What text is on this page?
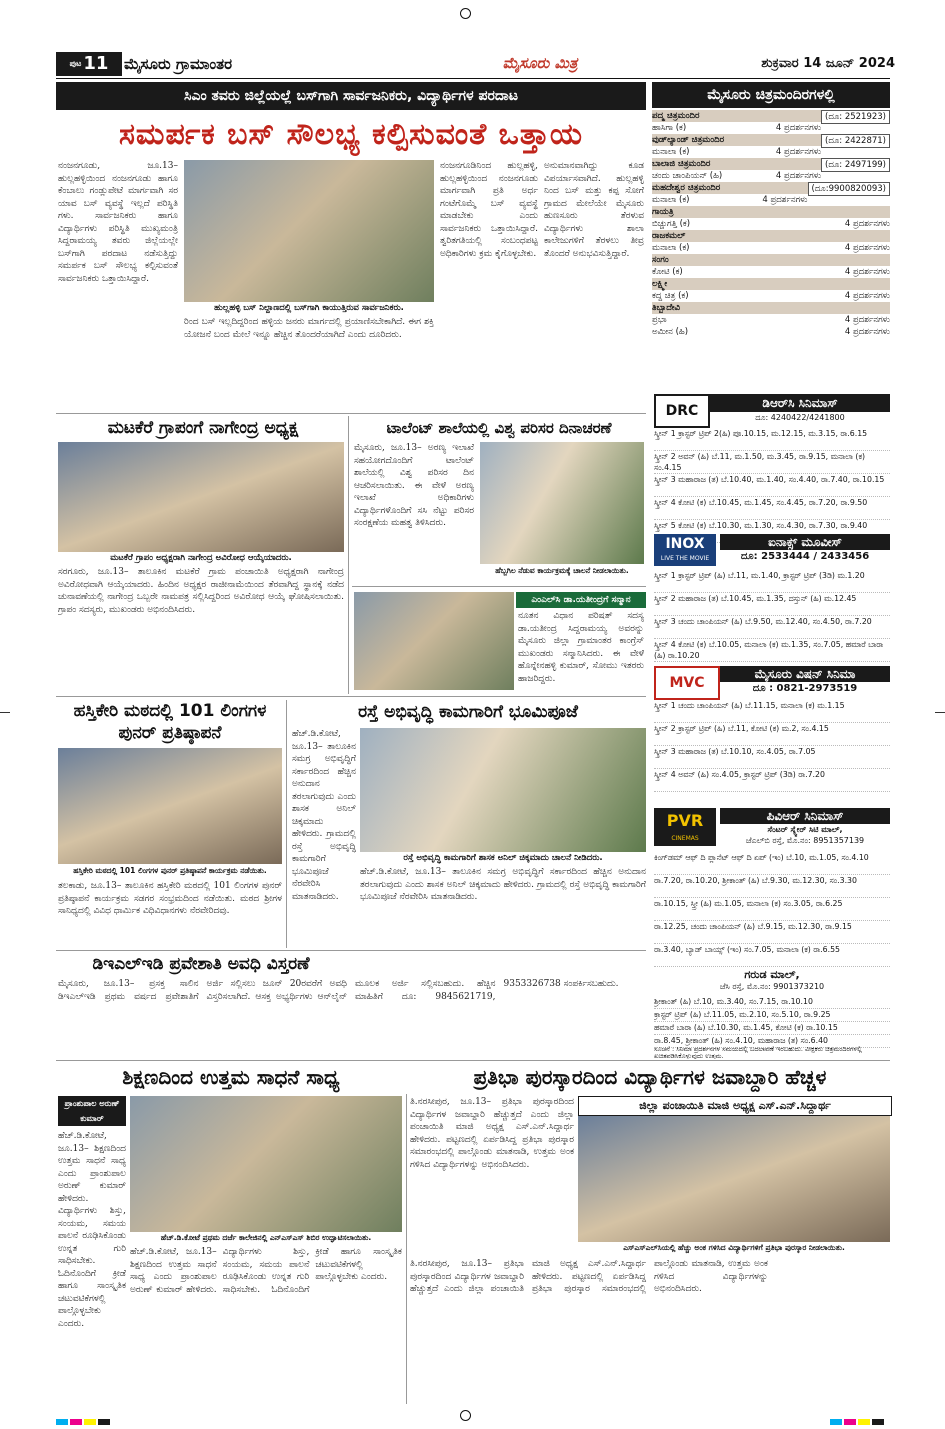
$^{ಪುಟ}$ 11	ಮೈಸೂರು ಗ್ರಾಮಾಂತರ	ಮೈಸೂರು ಮಿತ್ರ	ಶುಕ್ರವಾರ 14 ಜೂನ್ 2024
ಸಿಎಂ ತವರು ಜಿಲ್ಲೆಯಲ್ಲೆ ಬಸ್‌ಗಾಗಿ ಸಾರ್ವಜನಿಕರು, ವಿದ್ಯಾರ್ಥಿಗಳ ಪರದಾಟ
ಸಮರ್ಪಕ ಬಸ್ ಸೌಲಭ್ಯ ಕಲ್ಪಿಸುವಂತೆ ಒತ್ತಾಯ
ನಂಜನಗೂಡು, ಜೂ.13– ಹುಲ್ಲಹಳ್ಳಿಯಿಂದ ನಂಜನಗೂಡು ಹಾಗೂ ಕೆಂಬಾಲು ಗಂಡ್ಲುಪೇಟೆ ಮಾರ್ಗವಾಗಿ ಸರ ಯಾವ ಬಸ್ ವ್ಯವಸ್ಥೆ ಇಲ್ಲದೆ ಪರಿಸ್ಥಿತಿ ಗಳು. ಸಾರ್ವಜನಿಕರು ಹಾಗೂ ವಿದ್ಯಾರ್ಥಿಗಳು ಪರಿಸ್ಥಿತಿ ಮುಖ್ಯಮಂತ್ರಿ ಸಿದ್ದರಾಮಯ್ಯ ತವರು ಜಿಲ್ಲೆಯಲ್ಲೇ ಬಸ್‌ಗಾಗಿ ಪರದಾಟ ನಡೆಸುತ್ತಿದ್ದು ಸಮರ್ಪಕ ಬಸ್ ಸೌಲಭ್ಯ ಕಲ್ಪಿಸುವಂತೆ ಸಾರ್ವಜನಿಕರು ಒತ್ತಾಯಿಸಿದ್ದಾರೆ.
ಹುಲ್ಲಹಳ್ಳಿ ಬಸ್ ನಿಲ್ದಾಣದಲ್ಲಿ ಬಸ್‌ಗಾಗಿ ಕಾಯುತ್ತಿರುವ ಸಾರ್ವಜನಿಕರು.
ರಿಂದ ಬಸ್ ಇಲ್ಲದಿದ್ದರಿಂದ ಹಳ್ಳಿಯ ಜನರು ಮಾರ್ಗದಲ್ಲಿ ಪ್ರಯಾಣಿಸಬೇಕಾಗಿದೆ. ಈಗ ಶಕ್ತಿ ಯೋಜನೆ ಬಂದ ಮೇಲೆ ಇನ್ನೂ ಹೆಚ್ಚಿನ ತೊಂದರೆಯಾಗಿದೆ ಎಂದು ದೂರಿದರು.
ನಂಜನಗೂಡಿನಿಂದ ಹುಲ್ಲಹಳ್ಳಿ, ಹುಲ್ಲಹಳ್ಳಿಯಿಂದ ನಂಜನಗೂಡು ಮಾರ್ಗವಾಗಿ ಪ್ರತಿ ಅರ್ಧ ಗಂಟೆಗೊಮ್ಮೆ ಬಸ್ ವ್ಯವಸ್ಥೆ ಮಾಡಬೇಕು ಎಂದು ಸಾರ್ವಜನಿಕರು ಒತ್ತಾಯಿಸಿದ್ದಾರೆ. ತ್ವರಿತಗತಿಯಲ್ಲಿ ಸಂಬಂಧಪಟ್ಟ ಅಧಿಕಾರಿಗಳು ಕ್ರಮ ಕೈಗೊಳ್ಳಬೇಕು.
ಅನುಮಾನವಾಗಿದ್ದು ಕೂಡ ವಿಪರ್ಯಾಸವಾಗಿದೆ. ಹುಲ್ಲಹಳ್ಳಿ ನಿಂದ ಬಸ್ ಮತ್ತು ಕಪ್ಪ ಸೋಗೆ ಗ್ರಾಮದ ಮೇಲೆಯೇ ಮೈಸೂರು ಹುಣಸೂರು ತೆರಳುವ ವಿದ್ಯಾರ್ಥಿಗಳು ಶಾಲಾ ಕಾಲೇಜುಗಳಿಗೆ ತೆರಳಲು ತೀವ್ರ ತೊಂದರೆ ಅನುಭವಿಸುತ್ತಿದ್ದಾರೆ.
ಮಟಕೆರೆ ಗ್ರಾಪಂಗೆ ನಾಗೇಂದ್ರ ಅಧ್ಯಕ್ಷ
ಮಟಕೆರೆ ಗ್ರಾಪಂ ಅಧ್ಯಕ್ಷರಾಗಿ ನಾಗೇಂದ್ರ ಅವಿರೋಧ ಆಯ್ಕೆಯಾದರು.
ಸರಗೂರು, ಜೂ.13– ತಾಲೂಕಿನ ಮಟಕೆರೆ ಗ್ರಾಮ ಪಂಚಾಯಿತಿ ಅಧ್ಯಕ್ಷರಾಗಿ ನಾಗೇಂದ್ರ ಅವಿರೋಧವಾಗಿ ಆಯ್ಕೆಯಾದರು. ಹಿಂದಿನ ಅಧ್ಯಕ್ಷರ ರಾಜೀನಾಮೆಯಿಂದ ತೆರವಾಗಿದ್ದ ಸ್ಥಾನಕ್ಕೆ ನಡೆದ ಚುನಾವಣೆಯಲ್ಲಿ ನಾಗೇಂದ್ರ ಒಬ್ಬರೇ ನಾಮಪತ್ರ ಸಲ್ಲಿಸಿದ್ದರಿಂದ ಅವಿರೋಧ ಆಯ್ಕೆ ಘೋಷಿಸಲಾಯಿತು. ಗ್ರಾಪಂ ಸದಸ್ಯರು, ಮುಖಂಡರು ಅಭಿನಂದಿಸಿದರು.
ಟಾಲೆಂಟ್ ಶಾಲೆಯಲ್ಲಿ ವಿಶ್ವ ಪರಿಸರ ದಿನಾಚರಣೆ
ಮೈಸೂರು, ಜೂ.13– ಅರಣ್ಯ ಇಲಾಖೆ ಸಹಯೋಗದೊಂದಿಗೆ ಟಾಲೆಂಟ್ ಶಾಲೆಯಲ್ಲಿ ವಿಶ್ವ ಪರಿಸರ ದಿನ ಆಚರಿಸಲಾಯಿತು. ಈ ವೇಳೆ ಅರಣ್ಯ ಇಲಾಖೆ ಅಧಿಕಾರಿಗಳು ವಿದ್ಯಾರ್ಥಿಗಳೊಂದಿಗೆ ಸಸಿ ನೆಟ್ಟು ಪರಿಸರ ಸಂರಕ್ಷಣೆಯ ಮಹತ್ವ ತಿಳಿಸಿದರು.
ಹೆಬ್ಬಗಿಲ ನೆಡುವ ಕಾರ್ಯಕ್ರಮಕ್ಕೆ ಚಾಲನೆ ನೀಡಲಾಯಿತು.
ಎಂಎಲ್‌ಸಿ ಡಾ.ಯತೀಂದ್ರಗೆ ಸನ್ಮಾನ
ನೂತನ ವಿಧಾನ ಪರಿಷತ್ ಸದಸ್ಯ ಡಾ.ಯತೀಂದ್ರ ಸಿದ್ದರಾಮಯ್ಯ ಅವರನ್ನು ಮೈಸೂರು ಜಿಲ್ಲಾ ಗ್ರಾಮಾಂತರ ಕಾಂಗ್ರೆಸ್ ಮುಖಂಡರು ಸನ್ಮಾನಿಸಿದರು. ಈ ವೇಳೆ ಹೊನ್ನೇನಹಳ್ಳಿ ಕುಮಾರ್, ಸೋಮು ಇತರರು ಹಾಜರಿದ್ದರು.
ಹಸ್ತಿಕೇರಿ ಮಠದಲ್ಲಿ 101 ಲಿಂಗಗಳ ಪುನರ್ ಪ್ರತಿಷ್ಠಾಪನೆ
ಹಸ್ತಿಕೇರಿ ಮಠದಲ್ಲಿ 101 ಲಿಂಗಗಳ ಪುನರ್ ಪ್ರತಿಷ್ಠಾಪನೆ ಕಾರ್ಯಕ್ರಮ ನಡೆಯಿತು.
ತಲಕಾಡು, ಜೂ.13– ತಾಲೂಕಿನ ಹಸ್ತಿಕೇರಿ ಮಠದಲ್ಲಿ 101 ಲಿಂಗಗಳ ಪುನರ್ ಪ್ರತಿಷ್ಠಾಪನೆ ಕಾರ್ಯಕ್ರಮ ಸಡಗರ ಸಂಭ್ರಮದಿಂದ ನಡೆಯಿತು. ಮಠದ ಶ್ರೀಗಳ ಸಾನಿಧ್ಯದಲ್ಲಿ ವಿವಿಧ ಧಾರ್ಮಿಕ ವಿಧಿವಿಧಾನಗಳು ನೆರವೇರಿದವು.
ರಸ್ತೆ ಅಭಿವೃದ್ಧಿ ಕಾಮಗಾರಿಗೆ ಭೂಮಿಪೂಜೆ
ಹೆಚ್.ಡಿ.ಕೋಟೆ, ಜೂ.13– ತಾಲೂಕಿನ ಸಮಗ್ರ ಅಭಿವೃದ್ಧಿಗೆ ಸರ್ಕಾರದಿಂದ ಹೆಚ್ಚಿನ ಅನುದಾನ ತರಲಾಗುವುದು ಎಂದು ಶಾಸಕ ಅನಿಲ್ ಚಿಕ್ಕಮಾದು ಹೇಳಿದರು. ಗ್ರಾಮದಲ್ಲಿ ರಸ್ತೆ ಅಭಿವೃದ್ಧಿ ಕಾಮಗಾರಿಗೆ ಭೂಮಿಪೂಜೆ ನೆರವೇರಿಸಿ ಮಾತನಾಡಿದರು.
ರಸ್ತೆ ಅಭಿವೃದ್ಧಿ ಕಾಮಗಾರಿಗೆ ಶಾಸಕ ಅನಿಲ್ ಚಿಕ್ಕಮಾದು ಚಾಲನೆ ನೀಡಿದರು.
ಹೆಚ್.ಡಿ.ಕೋಟೆ, ಜೂ.13– ತಾಲೂಕಿನ ಸಮಗ್ರ ಅಭಿವೃದ್ಧಿಗೆ ಸರ್ಕಾರದಿಂದ ಹೆಚ್ಚಿನ ಅನುದಾನ ತರಲಾಗುವುದು ಎಂದು ಶಾಸಕ ಅನಿಲ್ ಚಿಕ್ಕಮಾದು ಹೇಳಿದರು. ಗ್ರಾಮದಲ್ಲಿ ರಸ್ತೆ ಅಭಿವೃದ್ಧಿ ಕಾಮಗಾರಿಗೆ ಭೂಮಿಪೂಜೆ ನೆರವೇರಿಸಿ ಮಾತನಾಡಿದರು.
ಡಿಇಎಲ್‌ಇಡಿ ಪ್ರವೇಶಾತಿ ಅವಧಿ ವಿಸ್ತರಣೆ
ಮೈಸೂರು, ಜೂ.13– ಪ್ರಸಕ್ತ ಸಾಲಿನ ಡಿಇಎಲ್‌ಇಡಿ ಪ್ರಥಮ ವರ್ಷದ ಪ್ರವೇಶಾತಿಗೆ ಅರ್ಜಿ ಸಲ್ಲಿಸಲು ಜೂನ್ 20ರವರೆಗೆ ಅವಧಿ ವಿಸ್ತರಿಸಲಾಗಿದೆ. ಆಸಕ್ತ ಅಭ್ಯರ್ಥಿಗಳು ಆನ್‌ಲೈನ್ ಮೂಲಕ ಅರ್ಜಿ ಸಲ್ಲಿಸಬಹುದು. ಹೆಚ್ಚಿನ ಮಾಹಿತಿಗೆ ದೂ: 9845621719, 9353326738 ಸಂಪರ್ಕಿಸಬಹುದು.
ಶಿಕ್ಷಣದಿಂದ ಉತ್ತಮ ಸಾಧನೆ ಸಾಧ್ಯ	ಪ್ರತಿಭಾ ಪುರಸ್ಕಾರದಿಂದ ವಿದ್ಯಾರ್ಥಿಗಳ ಜವಾಬ್ದಾರಿ ಹೆಚ್ಚಳ
ಪ್ರಾಂಶುಪಾಲ ಅರುಣ್ ಕುಮಾರ್
ಹೆಚ್.ಡಿ.ಕೋಟೆ, ಜೂ.13– ಶಿಕ್ಷಣದಿಂದ ಉತ್ತಮ ಸಾಧನೆ ಸಾಧ್ಯ ಎಂದು ಪ್ರಾಂಶುಪಾಲ ಅರುಣ್ ಕುಮಾರ್ ಹೇಳಿದರು. ವಿದ್ಯಾರ್ಥಿಗಳು ಶಿಸ್ತು, ಸಂಯಮ, ಸಮಯ ಪಾಲನೆ ರೂಢಿಸಿಕೊಂಡು ಉನ್ನತ ಗುರಿ ಸಾಧಿಸಬೇಕು. ಓದಿನೊಂದಿಗೆ ಕ್ರೀಡೆ ಹಾಗೂ ಸಾಂಸ್ಕೃತಿಕ ಚಟುವಟಿಕೆಗಳಲ್ಲಿ ಪಾಲ್ಗೊಳ್ಳಬೇಕು ಎಂದರು.
ಹೆಚ್.ಡಿ.ಕೋಟೆ ಪ್ರಥಮ ದರ್ಜೆ ಕಾಲೇಜಿನಲ್ಲಿ ಎನ್ಎಸ್ಎಸ್ ಶಿಬಿರ ಉದ್ಘಾಟಿಸಲಾಯಿತು.
ಹೆಚ್.ಡಿ.ಕೋಟೆ, ಜೂ.13– ಶಿಕ್ಷಣದಿಂದ ಉತ್ತಮ ಸಾಧನೆ ಸಾಧ್ಯ ಎಂದು ಪ್ರಾಂಶುಪಾಲ ಅರುಣ್ ಕುಮಾರ್ ಹೇಳಿದರು. ವಿದ್ಯಾರ್ಥಿಗಳು ಶಿಸ್ತು, ಸಂಯಮ, ಸಮಯ ಪಾಲನೆ ರೂಢಿಸಿಕೊಂಡು ಉನ್ನತ ಗುರಿ ಸಾಧಿಸಬೇಕು. ಓದಿನೊಂದಿಗೆ ಕ್ರೀಡೆ ಹಾಗೂ ಸಾಂಸ್ಕೃತಿಕ ಚಟುವಟಿಕೆಗಳಲ್ಲಿ ಪಾಲ್ಗೊಳ್ಳಬೇಕು ಎಂದರು.
ತಿ.ನರಸೀಪುರ, ಜೂ.13– ಪ್ರತಿಭಾ ಪುರಸ್ಕಾರದಿಂದ ವಿದ್ಯಾರ್ಥಿಗಳ ಜವಾಬ್ದಾರಿ ಹೆಚ್ಚುತ್ತದೆ ಎಂದು ಜಿಲ್ಲಾ ಪಂಚಾಯಿತಿ ಮಾಜಿ ಅಧ್ಯಕ್ಷ ಎಸ್.ಎನ್.ಸಿದ್ದಾರ್ಥ ಹೇಳಿದರು. ಪಟ್ಟಣದಲ್ಲಿ ಏರ್ಪಡಿಸಿದ್ದ ಪ್ರತಿಭಾ ಪುರಸ್ಕಾರ ಸಮಾರಂಭದಲ್ಲಿ ಪಾಲ್ಗೊಂಡು ಮಾತನಾಡಿ, ಉತ್ತಮ ಅಂಕ ಗಳಿಸಿದ ವಿದ್ಯಾರ್ಥಿಗಳನ್ನು ಅಭಿನಂದಿಸಿದರು.
ಜಿಲ್ಲಾ ಪಂಚಾಯಿತಿ ಮಾಜಿ ಅಧ್ಯಕ್ಷ ಎಸ್.ಎನ್.ಸಿದ್ದಾರ್ಥ
ಎಸ್ಎಸ್ಎಲ್‌ಸಿಯಲ್ಲಿ ಹೆಚ್ಚು ಅಂಕ ಗಳಿಸಿದ ವಿದ್ಯಾರ್ಥಿಗಳಿಗೆ ಪ್ರತಿಭಾ ಪುರಸ್ಕಾರ ನೀಡಲಾಯಿತು.
ತಿ.ನರಸೀಪುರ, ಜೂ.13– ಪ್ರತಿಭಾ ಪುರಸ್ಕಾರದಿಂದ ವಿದ್ಯಾರ್ಥಿಗಳ ಜವಾಬ್ದಾರಿ ಹೆಚ್ಚುತ್ತದೆ ಎಂದು ಜಿಲ್ಲಾ ಪಂಚಾಯಿತಿ ಮಾಜಿ ಅಧ್ಯಕ್ಷ ಎಸ್.ಎನ್.ಸಿದ್ದಾರ್ಥ ಹೇಳಿದರು. ಪಟ್ಟಣದಲ್ಲಿ ಏರ್ಪಡಿಸಿದ್ದ ಪ್ರತಿಭಾ ಪುರಸ್ಕಾರ ಸಮಾರಂಭದಲ್ಲಿ ಪಾಲ್ಗೊಂಡು ಮಾತನಾಡಿ, ಉತ್ತಮ ಅಂಕ ಗಳಿಸಿದ ವಿದ್ಯಾರ್ಥಿಗಳನ್ನು ಅಭಿನಂದಿಸಿದರು.
ಮೈಸೂರು ಚಿತ್ರಮಂದಿರಗಳಲ್ಲಿ
ಪದ್ಮ ಚಿತ್ರಮಂದಿರ	(ದೂ: 2521923)
ಹಾಸಿಗಾ (ಕ)	4 ಪ್ರದರ್ಶನಗಳು
ವುಡ್‌ಲ್ಯಾಂಡ್ ಚಿತ್ರಮಂದಿರ	(ದೂ: 2422871)
ಮನಾಲಾ (ಕ)	4 ಪ್ರದರ್ಶನಗಳು
ಬಾಲಾಜಿ ಚಿತ್ರಮಂದಿರ	(ದೂ: 2497199)
ಚಂದು ಚಾಂಪಿಯನ್ (ಹಿ)	4 ಪ್ರದರ್ಶನಗಳು
ಮಹದೇಶ್ವರ ಚಿತ್ರಮಂದಿರ	(ದೂ:9900820093)
ಮನಾಲಾ (ಕ)	4 ಪ್ರದರ್ಶನಗಳು
ಗಾಯತ್ರಿ
ಬಿಚ್ಚುಗತ್ತಿ (ಕ)	4 ಪ್ರದರ್ಶನಗಳು
ರಾಜಕಮಲ್
ಮನಾಲಾ (ಕ)	4 ಪ್ರದರ್ಶನಗಳು
ಸಂಗಂ
ಕೋಟಿ (ಕ)	4 ಪ್ರದರ್ಶನಗಳು
ಲಕ್ಷ್ಮೀ
ಕದ್ದ ಚಿತ್ರ (ಕ)	4 ಪ್ರದರ್ಶನಗಳು
ತಿಬ್ಬಾದೇವಿ
ಪ್ರಭಾ	4 ಪ್ರದರ್ಶನಗಳು
ಅಮೀನ (ಹಿ)	4 ಪ್ರದರ್ಶನಗಳು
DRC	ಡಿಆರ್‌ಸಿ ಸಿನಿಮಾಸ್
ದೂ: 4240422/4241800
ಸ್ಕ್ರೀನ್ 1 ಕ್ರಾಸ್ಟರ್ ಟ್ರಿಪ್ 2(ಹಿ) ಪೂ.10.15, ಮ.12.15, ಮ.3.15, ರಾ.6.15
ಸ್ಕ್ರೀನ್ 2 ಅವನ್ (ಹಿ) ಬೆ.11, ಮ.1.50, ಮ.3.45, ರಾ.9.15, ಮನಾಲಾ (ಕ) ಸಂ.4.15
ಸ್ಕ್ರೀನ್ 3 ಮಹಾರಾಜ (ತ) ಬೆ.10.40, ಮ.1.40, ಸಂ.4.40, ರಾ.7.40, ರಾ.10.15
ಸ್ಕ್ರೀನ್ 4 ಕೋಟಿ (ಕ) ಬೆ.10.45, ಮ.1.45, ಸಂ.4.45, ರಾ.7.20, ರಾ.9.50
ಸ್ಕ್ರೀನ್ 5 ಕೋಟಿ (ಕ) ಬೆ.10.30, ಮ.1.30, ಸಂ.4.30, ರಾ.7.30, ರಾ.9.40
INOX
LIVE THE MOVIE
ಐನಾಕ್ಸ್ ಮೂವೀಸ್
ದೂ: 2533444 / 2433456
ಸ್ಕ್ರೀನ್ 1 ಕ್ರಾಸ್ಟರ್ ಟ್ರಿಪ್ (ಹಿ) ಬೆ.11, ಮ.1.40, ಕ್ರಾಸ್ಟರ್ ಟ್ರಿಪ್ (3ಡಿ) ಮ.1.20
ಸ್ಕ್ರೀನ್ 2 ಮಹಾರಾಜ (ತ) ಬೆ.10.45, ಮ.1.35, ದಸ್ತುನ್ (ಹಿ) ಮ.12.45
ಸ್ಕ್ರೀನ್ 3 ಚಂದು ಚಾಂಪಿಯನ್ (ಹಿ) ಬೆ.9.50, ಮ.12.40, ಸಂ.4.50, ರಾ.7.20
ಸ್ಕ್ರೀನ್ 4 ಕೋಟಿ (ಕ) ಬೆ.10.05, ಮನಾಲಾ (ಕ) ಮ.1.35, ಸಂ.7.05, ಹಮಾರೆ ಬಾರಾ (ಹಿ) ರಾ.10.20
MVC
ಮೈಸೂರು ವಿಷನ್ ಸಿನಿಮಾ
ದೂ : 0821-2973519
ಸ್ಕ್ರೀನ್ 1 ಚಂದು ಚಾಂಪಿಯನ್ (ಹಿ) ಬೆ.11.15, ಮನಾಲಾ (ಕ) ಮ.1.15
ಸ್ಕ್ರೀನ್ 2 ಕ್ರಾಸ್ಟರ್ ಟ್ರಿಪ್ (ಹಿ) ಬೆ.11, ಕೋಟಿ (ಕ) ಮ.2, ಸಂ.4.15
ಸ್ಕ್ರೀನ್ 3 ಮಹಾರಾಜ (ತ) ಬೆ.10.10, ಸಂ.4.05, ರಾ.7.05
ಸ್ಕ್ರೀನ್ 4 ಅವನ್ (ಹಿ) ಸಂ.4.05, ಕ್ರಾಸ್ಟರ್ ಟ್ರಿಪ್ (3ಡಿ) ರಾ.7.20
PVR
CINEMAS
ಪಿವಿಆರ್ ಸಿನಿಮಾಸ್
ಸೆಂಟರ್ ಸ್ಕ್ವೇರ್ ಸಿಟಿ ಮಾಲ್,
ಜೆಎಲ್‌ಬಿ ರಸ್ತೆ, ಮೊ.ನಂ: 8951357139
ಕಿಂಗ್‌ಡಮ್ ಆಫ್ ದಿ ಪ್ಲಾನೆಟ್ ಆಫ್ ದಿ ಏಪ್ (ಇಂ) ಬೆ.10, ಮ.1.05, ಸಂ.4.10
ರಾ.7.20, ರಾ.10.20, ಶ್ರೀಕಾಂತ್ (ಹಿ) ಬೆ.9.30, ಮ.12.30, ಸಂ.3.30
ರಾ.10.15, ಸ್ತ್ರೀ (ಹಿ) ಮ.1.05, ಮನಾಲಾ (ಕ) ಸಂ.3.05, ರಾ.6.25
ರಾ.12.25, ಚಂದು ಚಾಂಪಿಯನ್ (ಹಿ) ಬೆ.9.15, ಮ.12.30, ರಾ.9.15
ರಾ.3.40, ಬ್ಯಾಡ್ ಬಾಯ್ಸ್ (ಇಂ) ಸಂ.7.05, ಮನಾಲಾ (ಕ) ರಾ.6.55
ಗರುಡ ಮಾಲ್,
ಜೆಸಿ ರಸ್ತೆ, ಮೊ.ನಂ: 9901373210
ಶ್ರೀಕಾಂತ್ (ಹಿ) ಬೆ.10, ಮ.3.40, ಸಂ.7.15, ರಾ.10.10
ಕ್ರಾಸ್ಟರ್ ಟ್ರಿಪ್ (ಹಿ) ಬೆ.11.05, ಮ.2.10, ಸಂ.5.10, ರಾ.9.25
ಹಮಾರೆ ಬಾರಾ (ಹಿ) ಬೆ.10.30, ಮ.1.45, ಕೋಟಿ (ಕ) ರಾ.10.15
ರಾ.8.45, ಶ್ರೀಕಾಂತ್ (ಹಿ) ಸಂ.4.10, ಮಹಾರಾಜ (ತ) ಸಂ.6.40
ಸೂಚನೆ : ಸಿನಿಮಾ ಪ್ರದರ್ಶನಗಳ ಸಮಯದಲ್ಲಿ ಬದಲಾವಣೆ ಇರಬಹುದು. ವೀಕ್ಷಕರು ಚಿತ್ರಮಂದಿರಗಳಲ್ಲಿ ಖಚಿತಪಡಿಸಿಕೊಳ್ಳುವುದು ಉತ್ತಮ.
